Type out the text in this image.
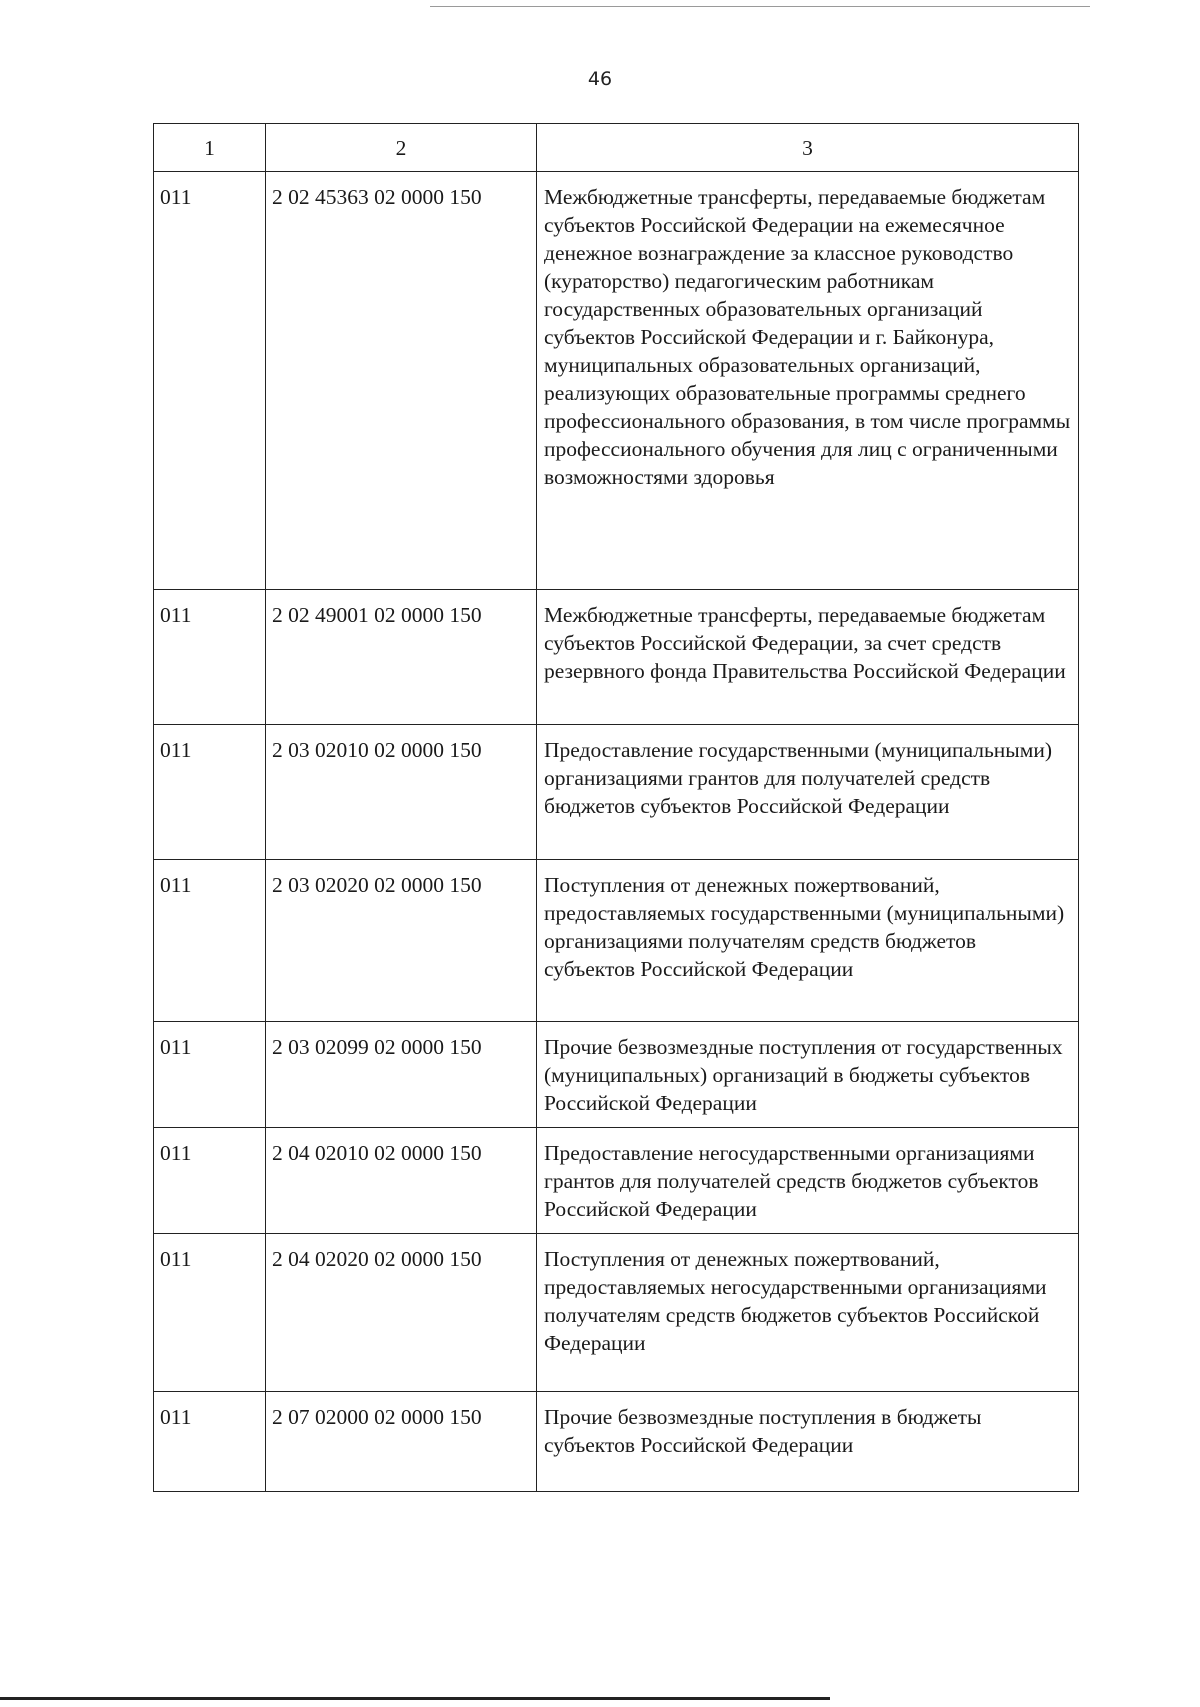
46
1	2	3
011	2 02 45363 02 0000 150	Межбюджетные трансферты, передаваемые бюджетам субъектов Российской Федерации на ежемесячное денежное вознаграждение за классное руководство (кураторство) педагогическим работникам государственных образовательных организаций субъектов Российской Федерации и г. Байконура, муниципальных образовательных организаций, реализующих образовательные программы среднего профессионального образования, в том числе программы профессионального обучения для лиц с ограниченными возможностями здоровья
011	2 02 49001 02 0000 150	Межбюджетные трансферты, передаваемые бюджетам субъектов Российской Федерации, за счет средств резервного фонда Правительства Российской Федерации
011	2 03 02010 02 0000 150	Предоставление государственными (муниципальными) организациями грантов для получателей средств бюджетов субъектов Российской Федерации
011	2 03 02020 02 0000 150	Поступления от денежных пожертвований, предоставляемых государственными (муниципальными) организациями получателям средств бюджетов субъектов Российской Федерации
011	2 03 02099 02 0000 150	Прочие безвозмездные поступления от государственных (муниципальных) организаций в бюджеты субъектов Российской Федерации
011	2 04 02010 02 0000 150	Предоставление негосударственными организациями грантов для получателей средств бюджетов субъектов Российской Федерации
011	2 04 02020 02 0000 150	Поступления от денежных пожертвований, предоставляемых негосударственными организациями получателям средств бюджетов субъектов Российской Федерации
011	2 07 02000 02 0000 150	Прочие безвозмездные поступления в бюджеты субъектов Российской Федерации
